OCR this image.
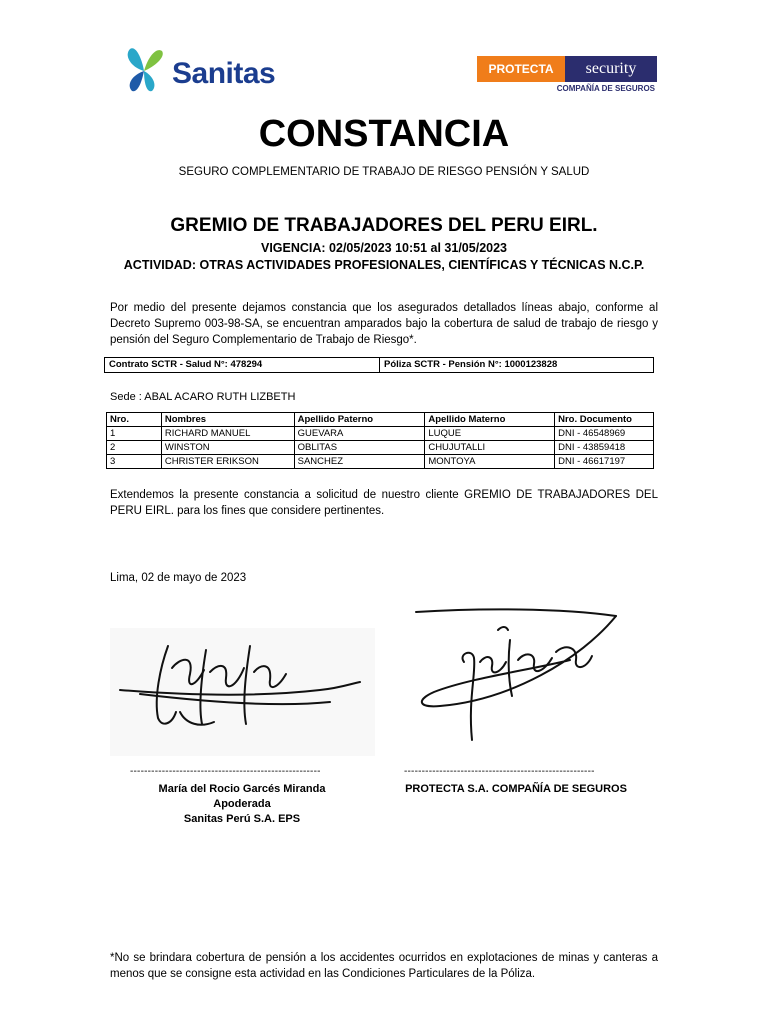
Sanitas	PROTECTA	security
COMPAÑÍA DE SEGUROS
CONSTANCIA
SEGURO COMPLEMENTARIO DE TRABAJO DE RIESGO PENSIÓN Y SALUD
GREMIO DE TRABAJADORES DEL PERU EIRL.
VIGENCIA: 02/05/2023 10:51 al 31/05/2023
ACTIVIDAD: OTRAS ACTIVIDADES PROFESIONALES, CIENTÍFICAS Y TÉCNICAS N.C.P.
Por medio del presente dejamos constancia que los asegurados detallados líneas abajo, conforme al Decreto Supremo 003-98-SA, se encuentran amparados bajo la cobertura de salud de trabajo de riesgo y pensión del Seguro Complementario de Trabajo de Riesgo*.
Contrato SCTR - Salud N°: 478294	Póliza SCTR - Pensión N°: 1000123828
Sede : ABAL ACARO RUTH LIZBETH
Nro.	Nombres	Apellido Paterno	Apellido Materno	Nro. Documento
1	RICHARD MANUEL	GUEVARA	LUQUE	DNI - 46548969
2	WINSTON	OBLITAS	CHUJUTALLI	DNI - 43859418
3	CHRISTER ERIKSON	SANCHEZ	MONTOYA	DNI - 46617197
Extendemos la presente constancia a solicitud de nuestro cliente GREMIO DE TRABAJADORES DEL PERU EIRL. para los fines que considere pertinentes.
Lima, 02 de mayo de 2023
------------------------------------------------------	------------------------------------------------------
María del Rocio Garcés Miranda
Apoderada
Sanitas Perú S.A. EPS
PROTECTA S.A. COMPAÑÍA DE SEGUROS
*No se brindara cobertura de pensión a los accidentes ocurridos en explotaciones de minas y canteras a menos que se consigne esta actividad en las Condiciones Particulares de la Póliza.
